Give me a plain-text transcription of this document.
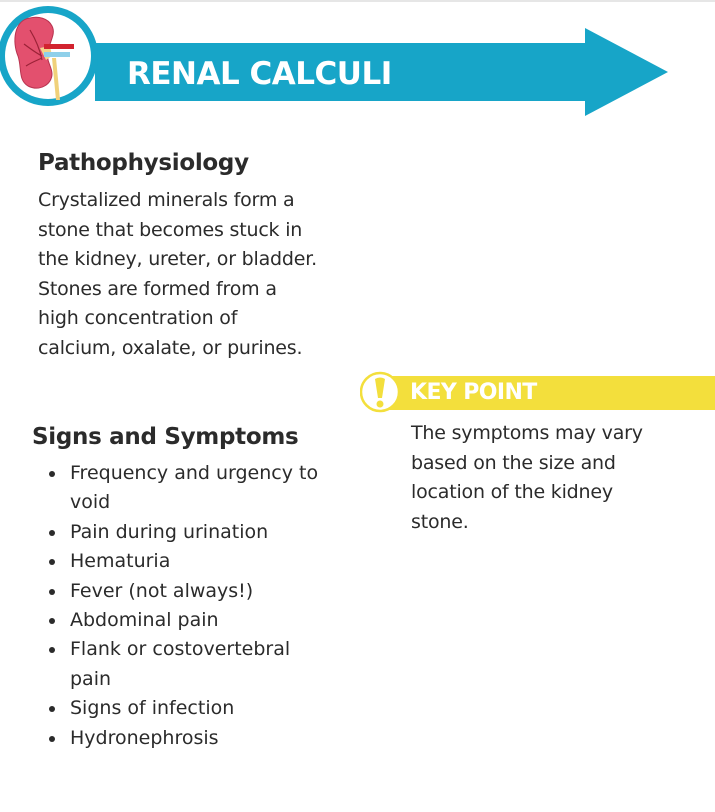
RENAL CALCULI
Pathophysiology
Crystalized minerals form a
stone that becomes stuck in
the kidney, ureter, or bladder.
Stones are formed from a
high concentration of
calcium, oxalate, or purines.
KEY POINT
The symptoms may vary
based on the size and
location of the kidney
stone.
Signs and Symptoms
Frequency and urgency to
void
Pain during urination
Hematuria
Fever (not always!)
Abdominal pain
Flank or costovertebral
pain
Signs of infection
Hydronephrosis
